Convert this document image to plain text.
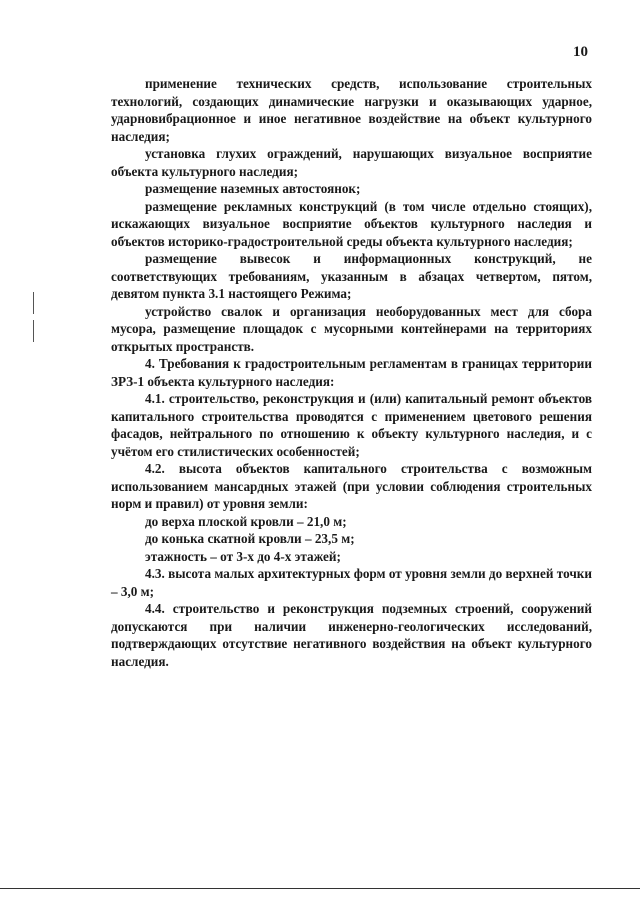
10

применение технических средств, использование строительных технологий, создающих динамические нагрузки и оказывающих ударное, ударновибрационное и иное негативное воздействие на объект культурного наследия;

установка глухих ограждений, нарушающих визуальное восприятие объекта культурного наследия;

размещение наземных автостоянок;

размещение рекламных конструкций (в том числе отдельно стоящих), искажающих визуальное восприятие объектов культурного наследия и объектов историко-градостроительной среды объекта культурного наследия;

размещение вывесок и информационных конструкций, не соответствующих требованиям, указанным в абзацах четвертом, пятом, девятом пункта 3.1 настоящего Режима;

устройство свалок и организация необорудованных мест для сбора мусора, размещение площадок с мусорными контейнерами на территориях открытых пространств.

4. Требования к градостроительным регламентам в границах территории ЗРЗ-1 объекта культурного наследия:

4.1. строительство, реконструкция и (или) капитальный ремонт объектов капитального строительства проводятся с применением цветового решения фасадов, нейтрального по отношению к объекту культурного наследия, и с учётом его стилистических особенностей;

4.2. высота объектов капитального строительства с возможным использованием мансардных этажей (при условии соблюдения строительных норм и правил) от уровня земли:

до верха плоской кровли – 21,0 м;

до конька скатной кровли – 23,5 м;

этажность – от 3-х до 4-х этажей;

4.3. высота малых архитектурных форм от уровня земли до верхней точки – 3,0 м;

4.4. строительство и реконструкция подземных строений, сооружений допускаются при наличии инженерно-геологических исследований, подтверждающих отсутствие негативного воздействия на объект культурного наследия.
